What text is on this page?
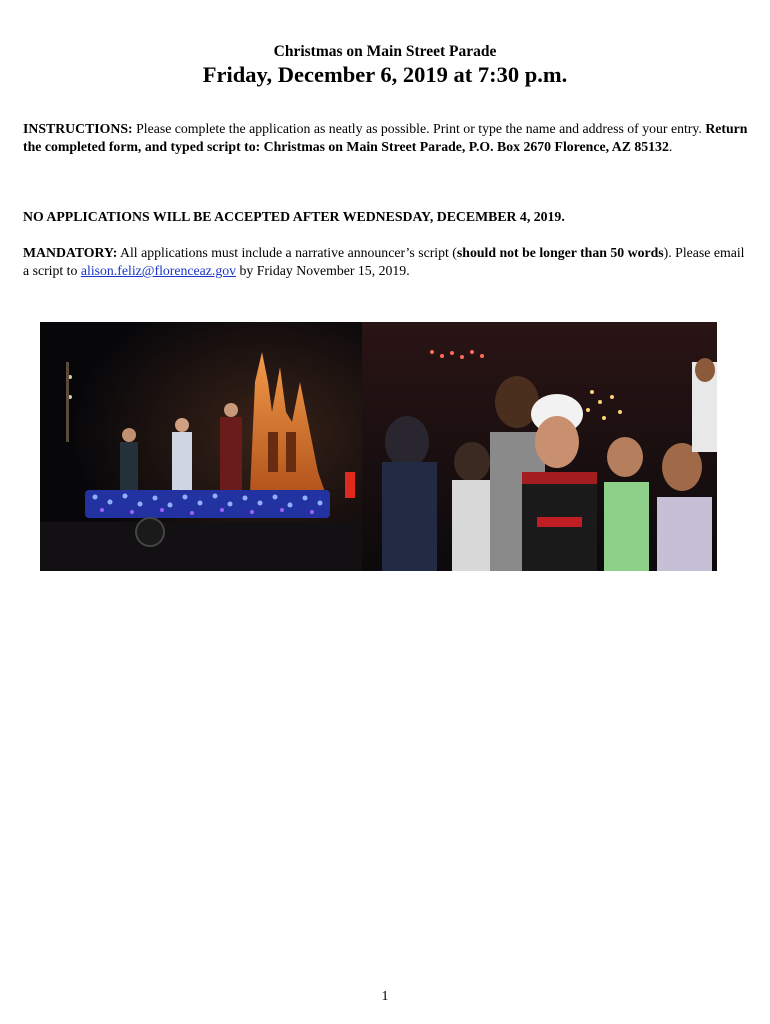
Christmas on Main Street Parade
Friday, December 6, 2019 at 7:30 p.m.
INSTRUCTIONS: Please complete the application as neatly as possible. Print or type the name and address of your entry. Return the completed form, and typed script to: Christmas on Main Street Parade, P.O. Box 2670 Florence, AZ 85132.
NO APPLICATIONS WILL BE ACCEPTED AFTER WEDNESDAY, DECEMBER 4, 2019.
MANDATORY: All applications must include a narrative announcer’s script (should not be longer than 50 words). Please email a script to alison.feliz@florenceaz.gov by Friday November 15, 2019.
1
